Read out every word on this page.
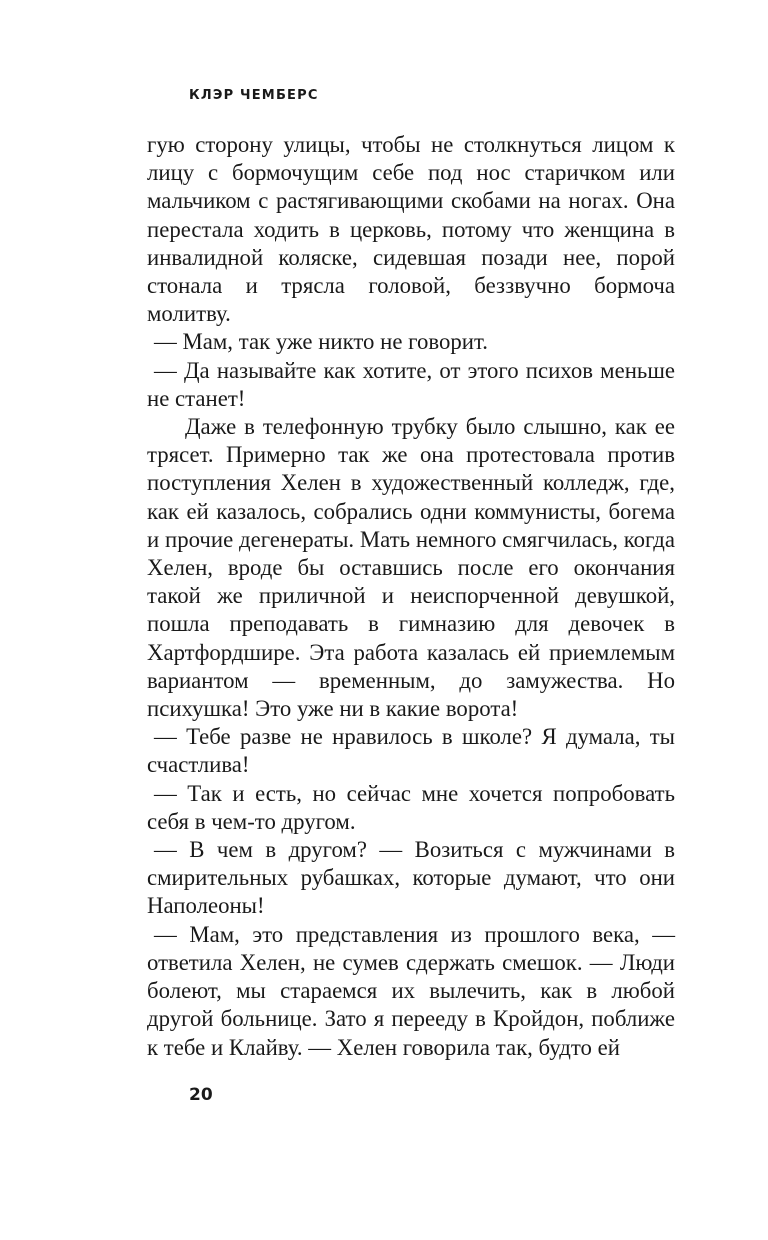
КЛЭР ЧЕМБЕРС

гую сторону улицы, чтобы не столкнуться лицом к лицу с бормочущим себе под нос старичком или мальчиком с растягивающими скобами на ногах. Она перестала ходить в церковь, потому что женщина в инвалидной коляске, сидевшая позади нее, порой стонала и трясла головой, беззвучно бормоча молитву.

— Мам, так уже никто не говорит.

— Да называйте как хотите, от этого психов меньше не станет!

Даже в телефонную трубку было слышно, как ее трясет. Примерно так же она протестовала против поступления Хелен в художественный колледж, где, как ей казалось, собрались одни коммунисты, богема и прочие дегенераты. Мать немного смягчилась, когда Хелен, вроде бы оставшись после его окончания такой же приличной и неиспорченной девушкой, пошла преподавать в гимназию для девочек в Хартфордшире. Эта работа казалась ей приемлемым вариантом — временным, до замужества. Но психушка! Это уже ни в какие ворота!

— Тебе разве не нравилось в школе? Я думала, ты счастлива!

— Так и есть, но сейчас мне хочется попробовать себя в чем-то другом.

— В чем в другом? — Возиться с мужчинами в смирительных рубашках, которые думают, что они Наполеоны!

— Мам, это представления из прошлого века, — ответила Хелен, не сумев сдержать смешок. — Люди болеют, мы стараемся их вылечить, как в любой другой больнице. Зато я перееду в Кройдон, поближе к тебе и Клайву. — Хелен говорила так, будто ей

20
